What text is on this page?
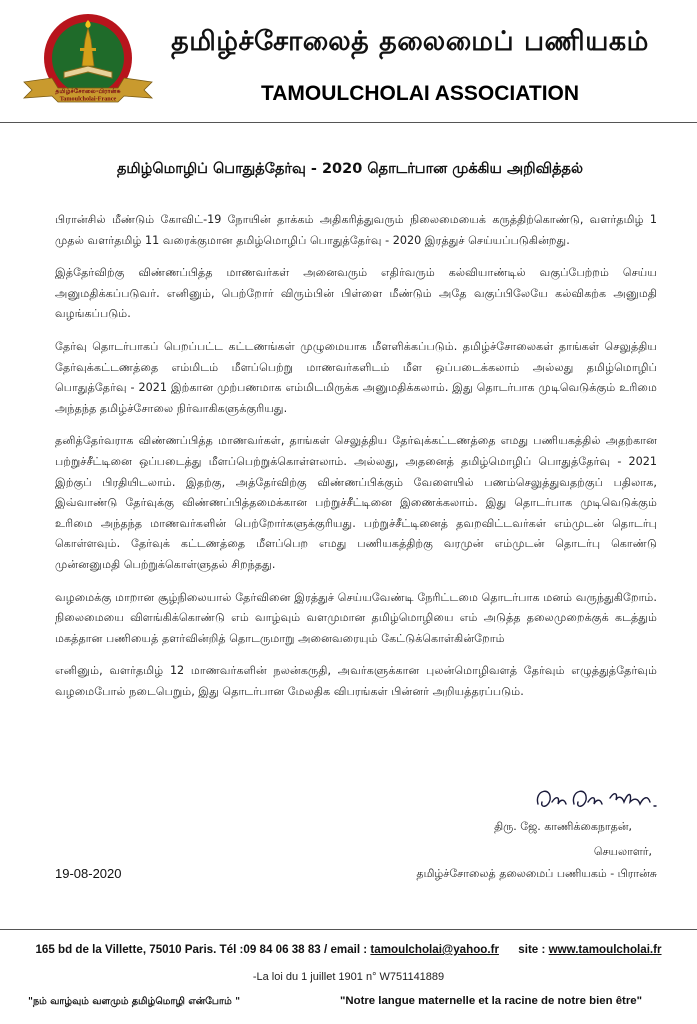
தமிழ்ச்சோலை-பிரான்சு
Tamoulcholai-France
தமிழ்ச்சோலைத் தலைமைப் பணியகம்
TAMOULCHOLAI ASSOCIATION
தமிழ்மொழிப் பொதுத்தேர்வு - 2020 தொடர்பான முக்கிய அறிவித்தல்

பிரான்சில் மீண்டும் கோவிட்-19 நோயின் தாக்கம் அதிகரித்துவரும் நிலைமையைக் கருத்திற்கொண்டு, வளர்தமிழ் 1 முதல் வளர்தமிழ் 11 வரைக்குமான தமிழ்மொழிப் பொதுத்தேர்வு - 2020 இரத்துச் செய்யப்படுகின்றது.

இத்தேர்விற்கு விண்ணப்பித்த மாணவர்கள் அனைவரும் எதிர்வரும் கல்வியாண்டில் வகுப்பேற்றம் செய்ய அனுமதிக்கப்படுவர். எனினும், பெற்றோர் விரும்பின் பிள்ளை மீண்டும் அதே வகுப்பிலேயே கல்விகற்க அனுமதி வழங்கப்படும்.

தேர்வு தொடர்பாகப் பெறப்பட்ட கட்டணங்கள் முழுமையாக மீளளிக்கப்படும். தமிழ்ச்சோலைகள் தாங்கள் செலுத்திய தேர்வுக்கட்டணத்தை எம்மிடம் மீளப்பெற்று மாணவர்களிடம் மீள ஒப்படைக்கலாம் அல்லது தமிழ்மொழிப் பொதுத்தேர்வு - 2021 இற்கான முற்பணமாக எம்மிடமிருக்க அனுமதிக்கலாம். இது தொடர்பாக முடிவெடுக்கும் உரிமை அந்தந்த தமிழ்ச்சோலை நிர்வாகிகளுக்குரியது.

தனித்தேர்வராக விண்ணப்பித்த மாணவர்கள், தாங்கள் செலுத்திய தேர்வுக்கட்டணத்தை எமது பணியகத்தில் அதற்கான பற்றுச்சீட்டினை ஒப்படைத்து மீளப்பெற்றுக்கொள்ளலாம். அல்லது, அதனைத் தமிழ்மொழிப் பொதுத்தேர்வு - 2021 இற்குப் பிரதியிடலாம். இதற்கு, அத்தேர்விற்கு விண்ணப்பிக்கும் வேளையில் பணம்செலுத்துவதற்குப் பதிலாக, இவ்வாண்டு தேர்வுக்கு விண்ணப்பித்தமைக்கான பற்றுச்சீட்டினை இணைக்கலாம். இது தொடர்பாக முடிவெடுக்கும் உரிமை அந்தந்த மாணவர்களின் பெற்றோர்களுக்குரியது. பற்றுச்சீட்டினைத் தவறவிட்டவர்கள் எம்முடன் தொடர்பு கொள்ளவும். தேர்வுக் கட்டணத்தை மீளப்பெற எமது பணியகத்திற்கு வரமுன் எம்முடன் தொடர்பு கொண்டு முன்னனுமதி பெற்றுக்கொள்ளுதல் சிறந்தது.

வழமைக்கு மாறான சூழ்நிலையால் தேர்வினை இரத்துச் செய்யவேண்டி நேரிட்டமை தொடர்பாக மனம் வருந்துகிறோம். நிலைமையை விளங்கிக்கொண்டு எம் வாழ்வும் வளமுமான தமிழ்மொழியை எம் அடுத்த தலைமுறைக்குக் கடத்தும் மகத்தான பணியைத் தளர்வின்றித் தொடருமாறு அனைவரையும் கேட்டுக்கொள்கின்றோம்

எனினும், வளர்தமிழ் 12 மாணவர்களின் நலன்கருதி, அவர்களுக்கான புலன்மொழிவளத் தேர்வும் எழுத்துத்தேர்வும் வழமைபோல் நடைபெறும், இது தொடர்பான மேலதிக விபரங்கள் பின்னர் அறியத்தரப்படும்.

திரு. ஜே. காணிக்கைநாதன்,
செயலாளர்,
தமிழ்ச்சோலைத் தலைமைப் பணியகம் - பிரான்சு
19-08-2020
165 bd de la Villette, 75010 Paris. Tél :09 84 06 38 83 / email : tamoulcholai@yahoo.fr site : www.tamoulcholai.fr
-La loi du 1 juillet 1901 n° W751141889
"நம் வாழ்வும் வளமும் தமிழ்மொழி என்போம் "	"Notre langue maternelle et la racine de notre bien être"
